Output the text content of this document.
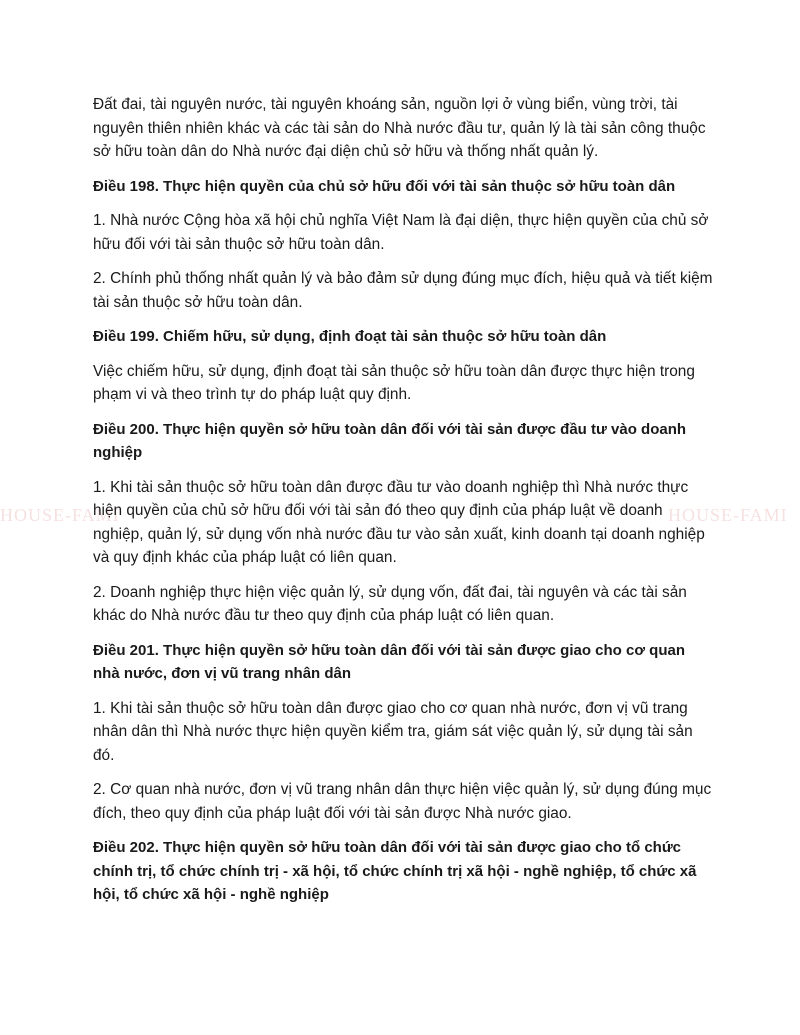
HOUSE-FAMI	HOUSE-FAMI

Đất đai, tài nguyên nước, tài nguyên khoáng sản, nguồn lợi ở vùng biển, vùng trời, tài nguyên thiên nhiên khác và các tài sản do Nhà nước đầu tư, quản lý là tài sản công thuộc sở hữu toàn dân do Nhà nước đại diện chủ sở hữu và thống nhất quản lý.

Điều 198. Thực hiện quyền của chủ sở hữu đối với tài sản thuộc sở hữu toàn dân

1. Nhà nước Cộng hòa xã hội chủ nghĩa Việt Nam là đại diện, thực hiện quyền của chủ sở hữu đối với tài sản thuộc sở hữu toàn dân.

2. Chính phủ thống nhất quản lý và bảo đảm sử dụng đúng mục đích, hiệu quả và tiết kiệm tài sản thuộc sở hữu toàn dân.

Điều 199. Chiếm hữu, sử dụng, định đoạt tài sản thuộc sở hữu toàn dân

Việc chiếm hữu, sử dụng, định đoạt tài sản thuộc sở hữu toàn dân được thực hiện trong phạm vi và theo trình tự do pháp luật quy định.

Điều 200. Thực hiện quyền sở hữu toàn dân đối với tài sản được đầu tư vào doanh nghiệp

1. Khi tài sản thuộc sở hữu toàn dân được đầu tư vào doanh nghiệp thì Nhà nước thực hiện quyền của chủ sở hữu đối với tài sản đó theo quy định của pháp luật về doanh nghiệp, quản lý, sử dụng vốn nhà nước đầu tư vào sản xuất, kinh doanh tại doanh nghiệp và quy định khác của pháp luật có liên quan.

2. Doanh nghiệp thực hiện việc quản lý, sử dụng vốn, đất đai, tài nguyên và các tài sản khác do Nhà nước đầu tư theo quy định của pháp luật có liên quan.

Điều 201. Thực hiện quyền sở hữu toàn dân đối với tài sản được giao cho cơ quan nhà nước, đơn vị vũ trang nhân dân

1. Khi tài sản thuộc sở hữu toàn dân được giao cho cơ quan nhà nước, đơn vị vũ trang nhân dân thì Nhà nước thực hiện quyền kiểm tra, giám sát việc quản lý, sử dụng tài sản đó.

2. Cơ quan nhà nước, đơn vị vũ trang nhân dân thực hiện việc quản lý, sử dụng đúng mục đích, theo quy định của pháp luật đối với tài sản được Nhà nước giao.

Điều 202. Thực hiện quyền sở hữu toàn dân đối với tài sản được giao cho tổ chức chính trị, tổ chức chính trị - xã hội, tổ chức chính trị xã hội - nghề nghiệp, tổ chức xã hội, tổ chức xã hội - nghề nghiệp
